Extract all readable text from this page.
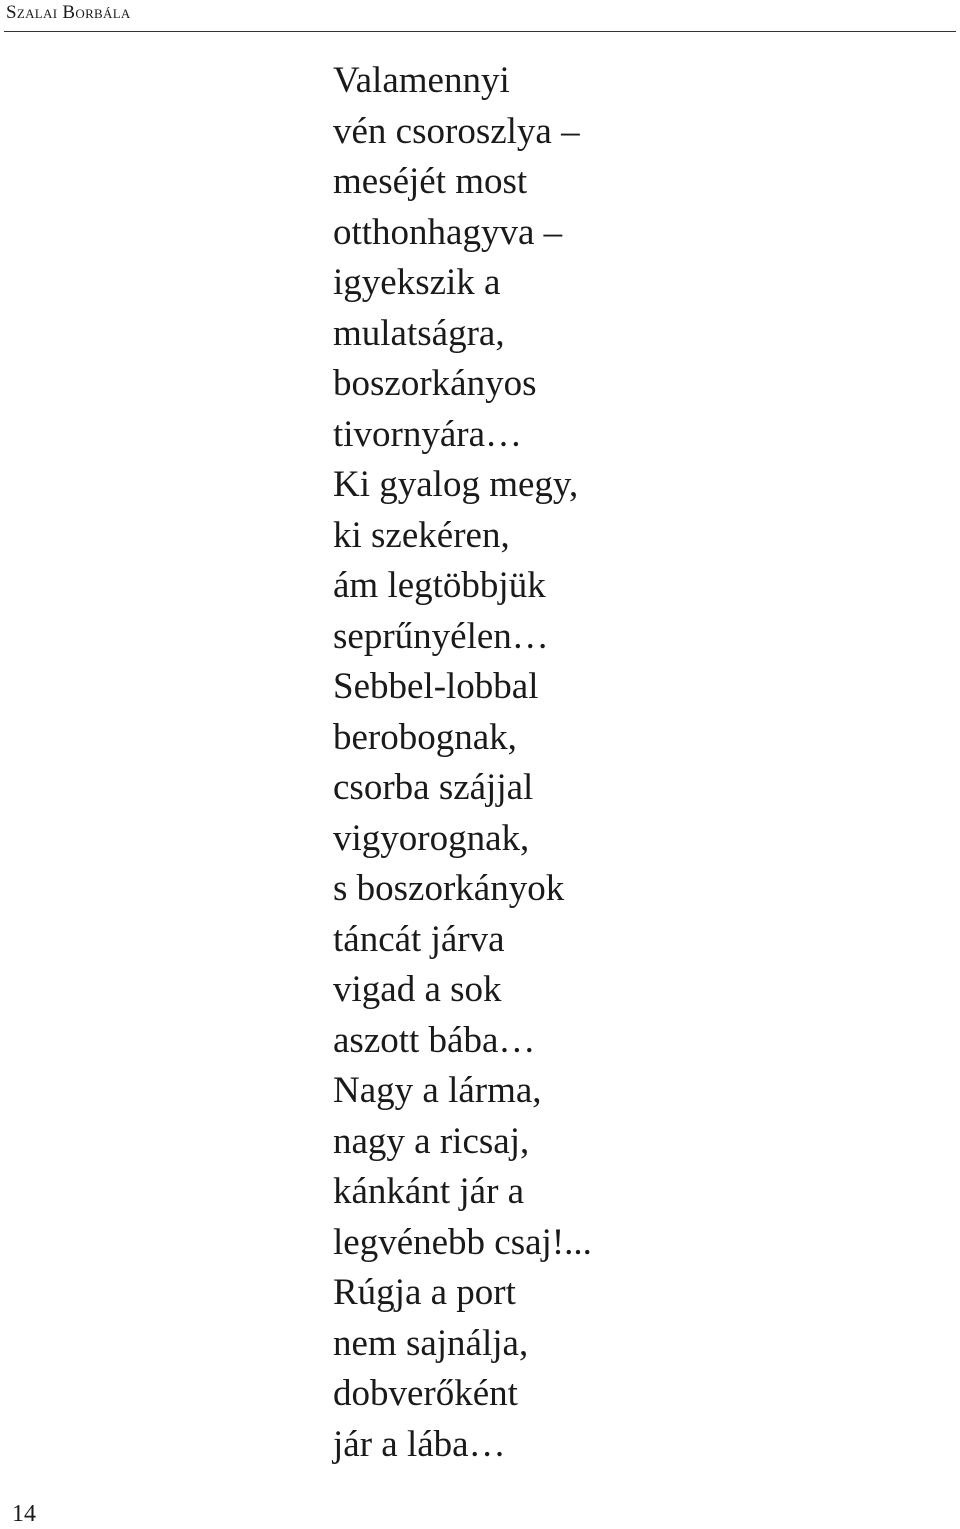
Szalai Borbála
Valamennyi
vén csoroszlya –
meséjét most
otthonhagyva –
igyekszik a
mulatságra,
boszorkányos
tivornyára…
Ki gyalog megy,
ki szekéren,
ám legtöbbjük
seprűnyélen…
Sebbel-lobbal
berobognak,
csorba szájjal
vigyorognak,
s boszorkányok
táncát járva
vigad a sok
aszott bába…
Nagy a lárma,
nagy a ricsaj,
kánkánt jár a
legvénebb csaj!...
Rúgja a port
nem sajnálja,
dobverőként
jár a lába…
14
